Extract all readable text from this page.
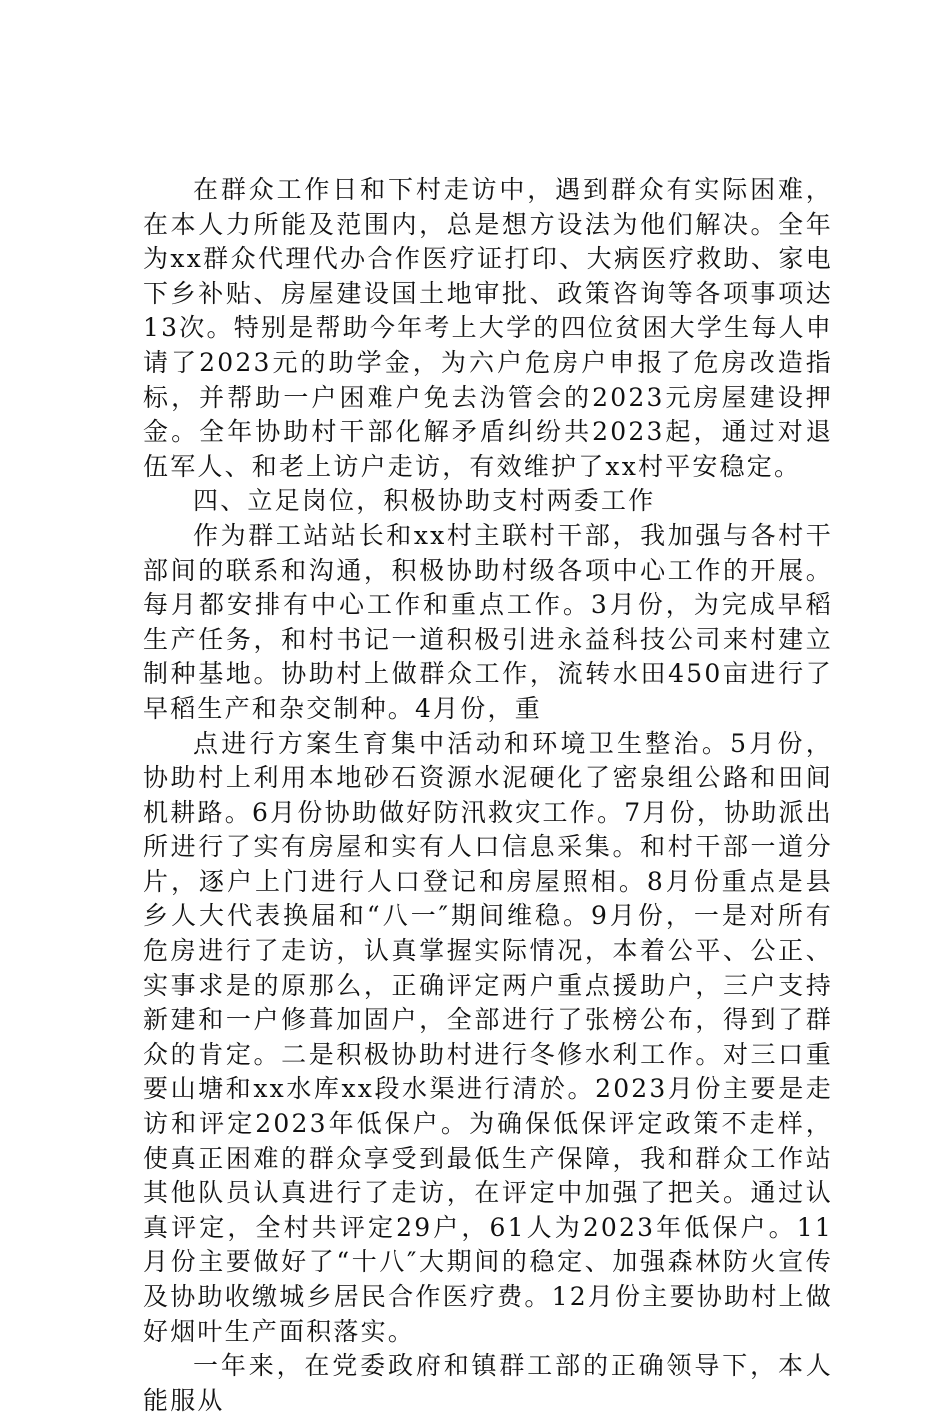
在群众工作日和下村走访中，遇到群众有实际困难，在本人力所能及范围内，总是想方设法为他们解决。全年为xx群众代理代办合作医疗证打印、大病医疗救助、家电下乡补贴、房屋建设国土地审批、政策咨询等各项事项达13次。特别是帮助今年考上大学的四位贫困大学生每人申请了2023元的助学金，为六户危房户申报了危房改造指标，并帮助一户困难户免去沩管会的2023元房屋建设押金。全年协助村干部化解矛盾纠纷共2023起，通过对退伍军人、和老上访户走访，有效维护了xx村平安稳定。

四、立足岗位，积极协助支村两委工作

作为群工站站长和xx村主联村干部，我加强与各村干部间的联系和沟通，积极协助村级各项中心工作的开展。每月都安排有中心工作和重点工作。3月份，为完成早稻生产任务，和村书记一道积极引进永益科技公司来村建立制种基地。协助村上做群众工作，流转水田450亩进行了早稻生产和杂交制种。4月份，重

点进行方案生育集中活动和环境卫生整治。5月份，协助村上利用本地砂石资源水泥硬化了密泉组公路和田间机耕路。6月份协助做好防汛救灾工作。7月份，协助派出所进行了实有房屋和实有人口信息采集。和村干部一道分片，逐户上门进行人口登记和房屋照相。8月份重点是县乡人大代表换届和“八一″期间维稳。9月份，一是对所有危房进行了走访，认真掌握实际情况，本着公平、公正、实事求是的原那么，正确评定两户重点援助户，三户支持新建和一户修葺加固户，全部进行了张榜公布，得到了群众的肯定。二是积极协助村进行冬修水利工作。对三口重要山塘和xx水库xx段水渠进行清於。2023月份主要是走访和评定2023年低保户。为确保低保评定政策不走样，使真正困难的群众享受到最低生产保障，我和群众工作站其他队员认真进行了走访，在评定中加强了把关。通过认真评定，全村共评定29户，61人为2023年低保户。11月份主要做好了“十八″大期间的稳定、加强森林防火宣传及协助收缴城乡居民合作医疗费。12月份主要协助村上做好烟叶生产面积落实。

一年来，在党委政府和镇群工部的正确领导下，本人能服从
